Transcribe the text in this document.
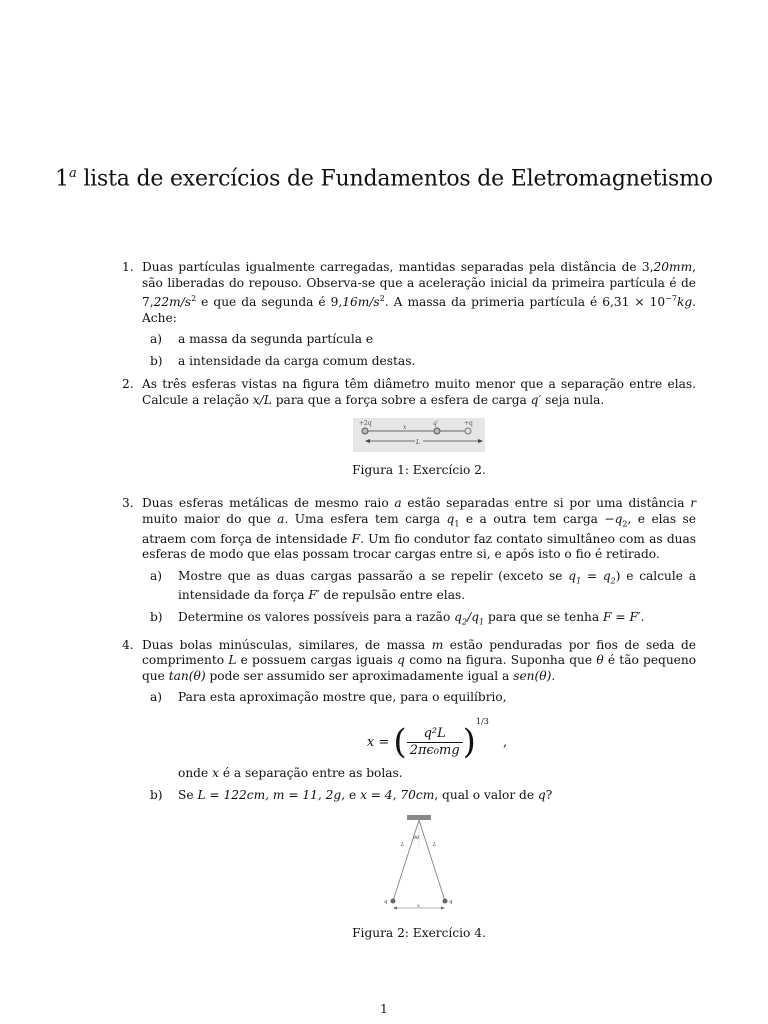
1$^a$ lista de exercícios de Fundamentos de Eletromagnetismo
1. Duas partículas igualmente carregadas, mantidas separadas pela distância de 3,20mm, são liberadas do repouso. Observa-se que a aceleração inicial da primeira partícula é de $7,22m/s^2$ e que da segunda é $9,16m/s^2$. A massa da primeria partícula é $6,31 \times 10^{-7}kg$. Ache:
a) a massa da segunda partícula e
b) a intensidade da carga comum destas.
2. As três esferas vistas na figura têm diâmetro muito menor que a separação entre elas. Calcule a relação x/L para que a força sobre a esfera de carga q′ seja nula.
+2q	q′	+q
x
L
Figura 1: Exercício 2.
3. Duas esferas metálicas de mesmo raio a estão separadas entre si por uma distância r muito maior do que a. Uma esfera tem carga $q_1$ e a outra tem carga $-q_2$, e elas se atraem com força de intensidade F. Um fio condutor faz contato simultâneo com as duas esferas de modo que elas possam trocar cargas entre si, e após isto o fio é retirado.
a) Mostre que as duas cargas passarão a se repelir (exceto se $q_1 = q_2$) e calcule a intensidade da força F′ de repulsão entre elas.
b) Determine os valores possíveis para a razão $q_2/q_1$ para que se tenha F = F′.
4. Duas bolas minúsculas, similares, de massa m estão penduradas por fios de seda de comprimento L e possuem cargas iguais q como na figura. Suponha que θ é tão pequeno que tan(θ) pode ser assumido ser aproximadamente igual a sen(θ).
a) Para esta aproximação mostre que, para o equilíbrio,
x = ( $\frac{\text{q²L}}{\text{2πϵ₀mg}} )^{1/3}$ ,
onde x é a separação entre as bolas.
b) Se L = 122cm, m = 11, 2g, e x = 4, 70cm, qual o valor de q?
θθ
L	L
q	q
x
Figura 2: Exercício 4.
1
